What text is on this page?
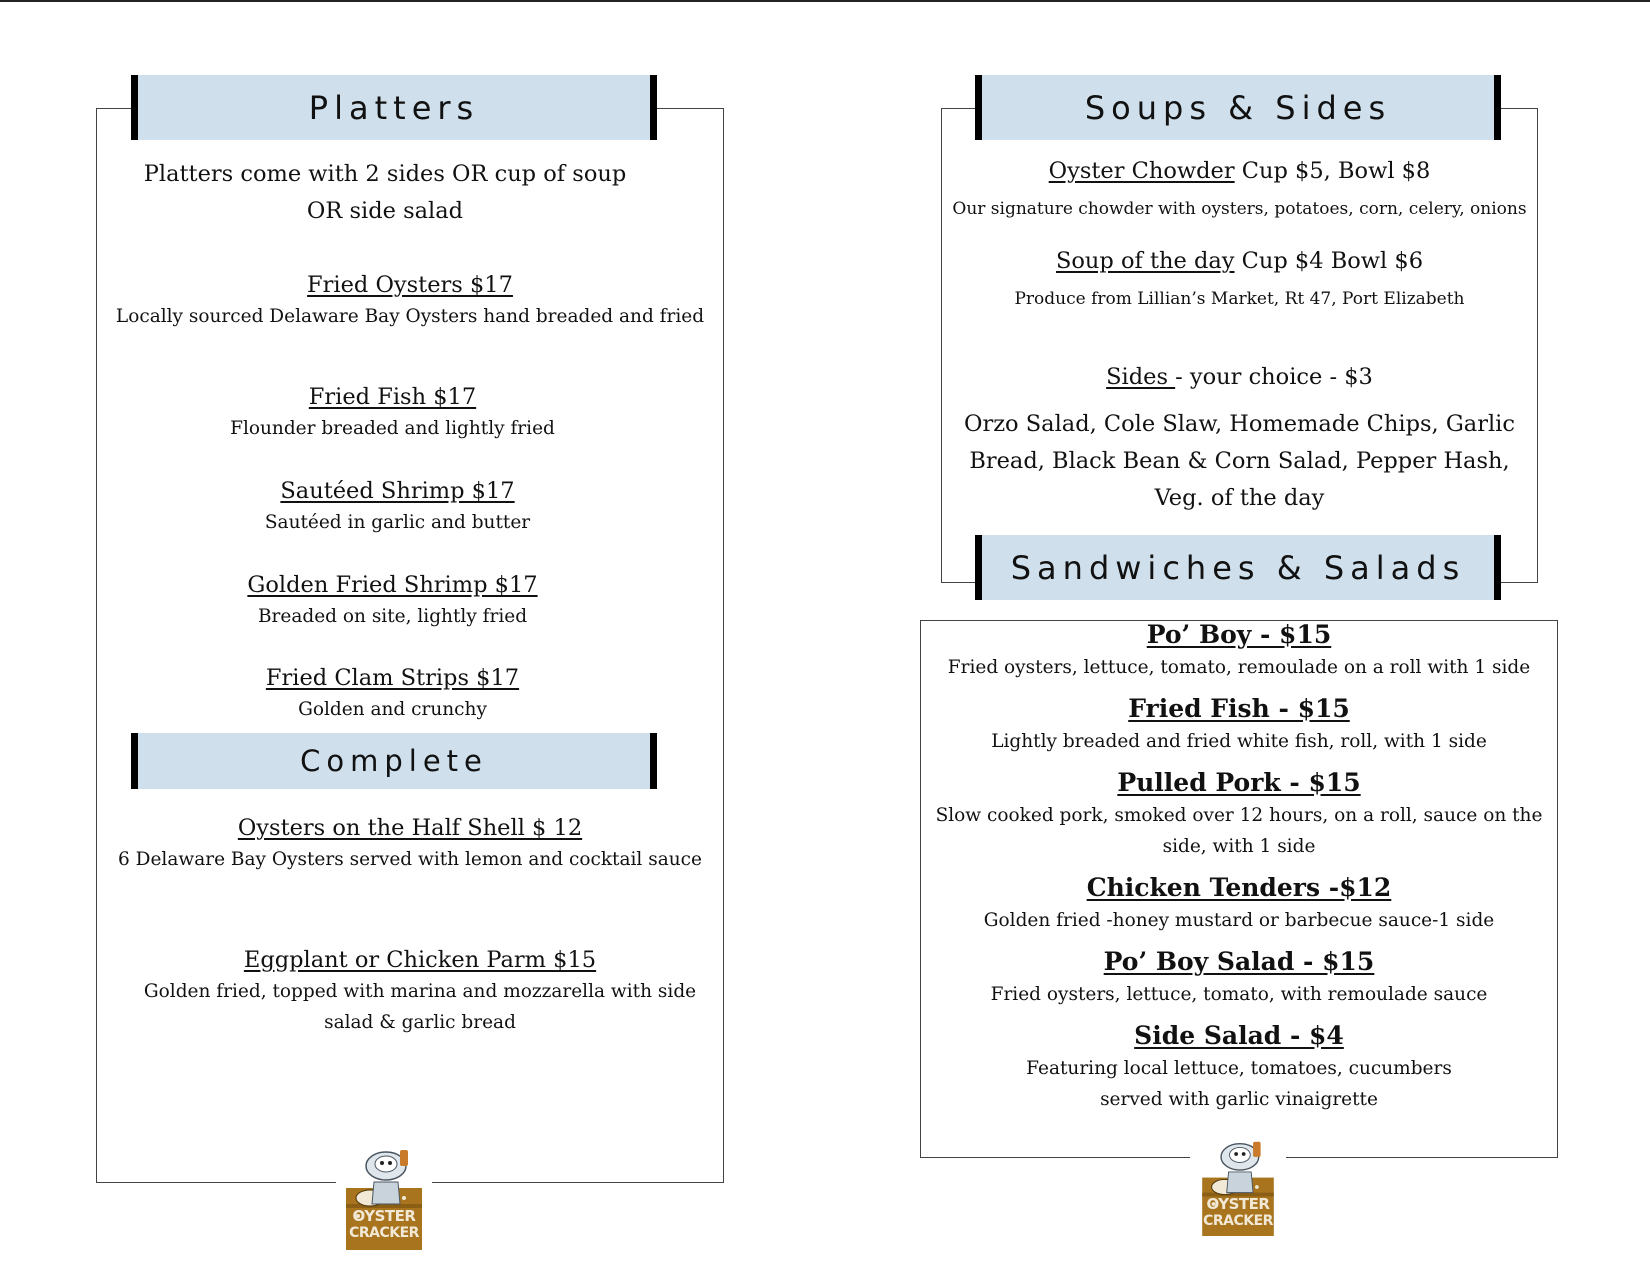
Platters
Platters come with 2 sides OR cup of soup
OR side salad
Fried Oysters $17
Locally sourced Delaware Bay Oysters hand breaded and fried
Fried Fish $17
Flounder breaded and lightly fried
Sautéed Shrimp $17
Sautéed in garlic and butter
Golden Fried Shrimp $17
Breaded on site, lightly fried
Fried Clam Strips $17
Golden and crunchy
Complete
Oysters on the Half Shell $ 12
6 Delaware Bay Oysters served with lemon and cocktail sauce
Eggplant or Chicken Parm $15
Golden fried, topped with marina and mozzarella with side
salad & garlic bread
OYSTER
CRACKER
Soups & Sides
Oyster Chowder Cup $5, Bowl $8
Our signature chowder with oysters, potatoes, corn, celery, onions
Soup of the day Cup $4 Bowl $6
Produce from Lillian’s Market, Rt 47, Port Elizabeth
Sides - your choice - $3
Orzo Salad, Cole Slaw, Homemade Chips, Garlic
Bread, Black Bean & Corn Salad, Pepper Hash,
Veg. of the day
Sandwiches & Salads
Po’ Boy - $15
Fried oysters, lettuce, tomato, remoulade on a roll with 1 side
Fried Fish - $15
Lightly breaded and fried white fish, roll, with 1 side
Pulled Pork - $15
Slow cooked pork, smoked over 12 hours, on a roll, sauce on the
side, with 1 side
Chicken Tenders -$12
Golden fried -honey mustard or barbecue sauce-1 side
Po’ Boy Salad - $15
Fried oysters, lettuce, tomato, with remoulade sauce
Side Salad - $4
Featuring local lettuce, tomatoes, cucumbers
served with garlic vinaigrette
OYSTER
CRACKER
